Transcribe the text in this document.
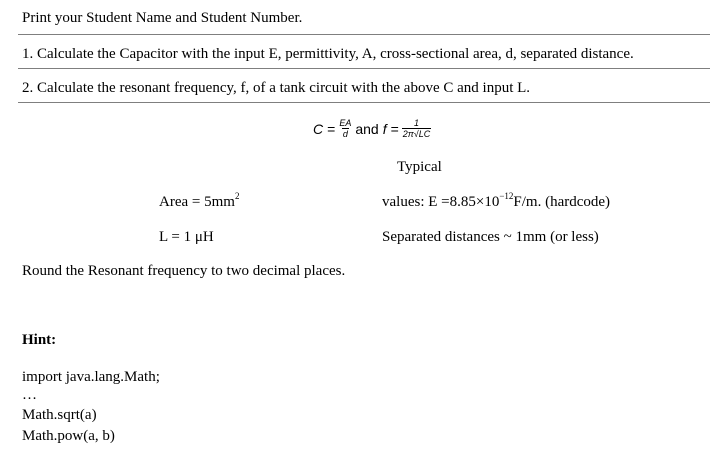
Print your Student Name and Student Number.
1. Calculate the Capacitor with the input E, permittivity, A, cross-sectional area, d, separated distance.
2. Calculate the resonant frequency, f, of a tank circuit with the above C and input L.
$C = \frac{EA}{d}$ and $f = \frac{1}{2\pi√LC}$
Typical
Area = $5mm^2$	values: $E =8.85\times 10^{-12}F/m$. (hardcode)
L = 1 μH	Separated distances ~ 1mm (or less)
Round the Resonant frequency to two decimal places.
Hint:
import java.lang.Math;
…
Math.sqrt(a)
Math.pow(a, b)
